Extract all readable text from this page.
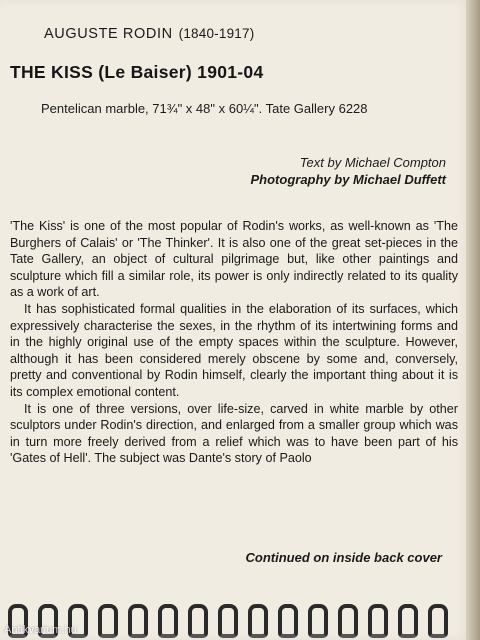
AUGUSTE RODIN (1840-1917)
THE KISS (Le Baiser) 1901-04
Pentelican marble, 71¾" x 48" x 60¼". Tate Gallery 6228
Text by Michael Compton
Photography by Michael Duffett

'The Kiss' is one of the most popular of Rodin's works, as well-known as 'The Burghers of Calais' or 'The Thinker'. It is also one of the great set-pieces in the Tate Gallery, an object of cultural pilgrimage but, like other paintings and sculpture which fill a similar role, its power is only indirectly related to its quality as a work of art.

It has sophisticated formal qualities in the elaboration of its surfaces, which expressively characterise the sexes, in the rhythm of its intertwining forms and in the highly original use of the empty spaces within the sculpture. However, although it has been considered merely obscene by some and, conversely, pretty and conventional by Rodin himself, clearly the important thing about it is its complex emotional content.

It is one of three versions, over life-size, carved in white marble by other sculptors under Rodin's direction, and enlarged from a smaller group which was in turn more freely derived from a relief which was to have been part of his 'Gates of Hell'. The subject was Dante's story of Paolo

Continued on inside back cover
Antikvarium.hu
